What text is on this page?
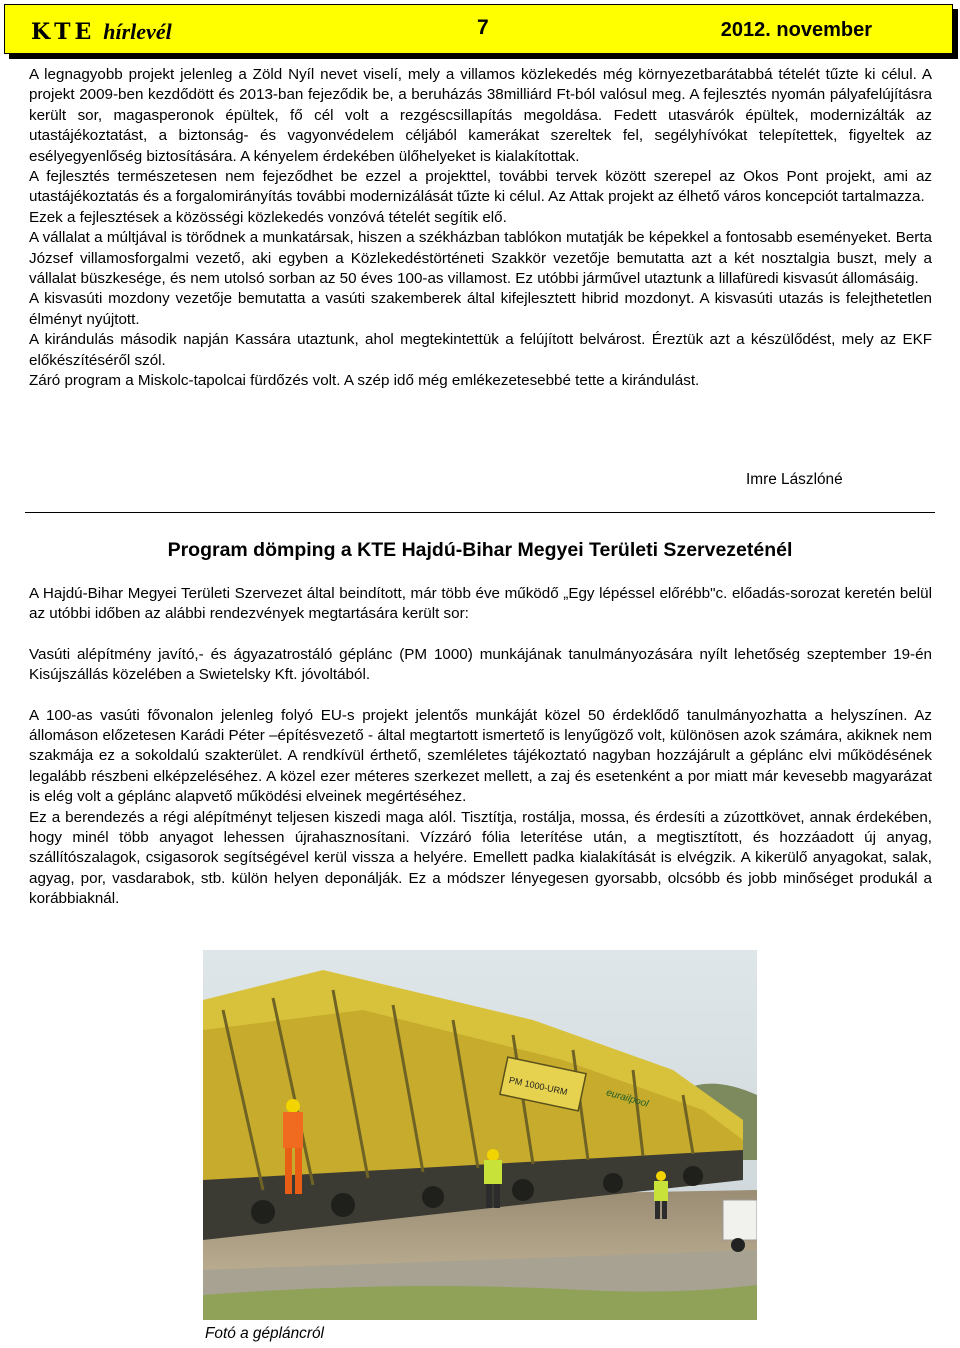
KTE hírlevél	7	2012. november

A legnagyobb projekt jelenleg a Zöld Nyíl nevet viselí, mely a villamos közlekedés még környezetbarátabbá tételét tűzte ki célul. A projekt 2009-ben kezdődött és 2013-ban fejeződik be, a beruházás 38milliárd Ft-ból valósul meg. A fejlesztés nyomán pályafelújításra került sor, magasperonok épültek, fő cél volt a rezgéscsillapítás megoldása. Fedett utasvárók épültek, modernizálták az utastájékoztatást, a biztonság- és vagyonvédelem céljából kamerákat szereltek fel, segélyhívókat telepítettek, figyeltek az esélyegyenlőség biztosítására. A kényelem érdekében ülőhelyeket is kialakítottak.

A fejlesztés természetesen nem fejeződhet be ezzel a projekttel, további tervek között szerepel az Okos Pont projekt, ami az utastájékoztatás és a forgalomirányítás további modernizálását tűzte ki célul. Az Attak projekt az élhető város koncepciót tartalmazza.

Ezek a fejlesztések a közösségi közlekedés vonzóvá tételét segítik elő.

A vállalat a múltjával is törődnek a munkatársak, hiszen a székházban tablókon mutatják be képekkel a fontosabb eseményeket. Berta József villamosforgalmi vezető, aki egyben a Közlekedéstörténeti Szakkör vezetője bemutatta azt a két nosztalgia buszt, mely a vállalat büszkesége, és nem utolsó sorban az 50 éves 100-as villamost. Ez utóbbi járművel utaztunk a lillafüredi kisvasút állomásáig.

A kisvasúti mozdony vezetője bemutatta a vasúti szakemberek által kifejlesztett hibrid mozdonyt. A kisvasúti utazás is felejthetetlen élményt nyújtott.

A kirándulás második napján Kassára utaztunk, ahol megtekintettük a felújított belvárost. Éreztük azt a készülődést, mely az EKF előkészítéséről szól.

Záró program a Miskolc-tapolcai fürdőzés volt. A szép idő még emlékezetesebbé tette a kirándulást.

Imre Lászlóné
Program dömping a KTE Hajdú-Bihar Megyei Területi Szervezeténél

A Hajdú-Bihar Megyei Területi Szervezet által beindított, már több éve működő „Egy lépéssel előrébb"c. előadás-sorozat keretén belül az utóbbi időben az alábbi rendezvények megtartására került sor:

Vasúti alépítmény javító,- és ágyazatrostáló géplánc (PM 1000) munkájának tanulmányozására nyílt lehetőség szeptember 19-én Kisújszállás közelében a Swietelsky Kft. jóvoltából.

A 100-as vasúti fővonalon jelenleg folyó EU-s projekt jelentős munkáját közel 50 érdeklődő tanulmányozhatta a helyszínen. Az állomáson előzetesen Karádi Péter –építésvezető - által megtartott ismertető is lenyűgöző volt, különösen azok számára, akiknek nem szakmája ez a sokoldalú szakterület. A rendkívül érthető, szemléletes tájékoztató nagyban hozzájárult a géplánc elvi működésének legalább részbeni elképzeléséhez. A közel ezer méteres szerkezet mellett, a zaj és esetenként a por miatt már kevesebb magyarázat is elég volt a géplánc alapvető működési elveinek megértéséhez.

Ez a berendezés a régi alépítményt teljesen kiszedi maga alól. Tisztítja, rostálja, mossa, és érdesíti a zúzottkövet, annak érdekében, hogy minél több anyagot lehessen újrahasznosítani. Vízzáró fólia leterítése után, a megtisztított, és hozzáadott új anyag, szállítószalagok, csigasorok segítségével kerül vissza a helyére. Emellett padka kialakítását is elvégzik. A kikerülő anyagokat, salak, agyag, por, vasdarabok, stb. külön helyen deponálják. Ez a módszer lényegesen gyorsabb, olcsóbb és jobb minőséget produkál a korábbiaknál.

PM 1000-URM
eurailpool
Fotó a géplánc​ról
